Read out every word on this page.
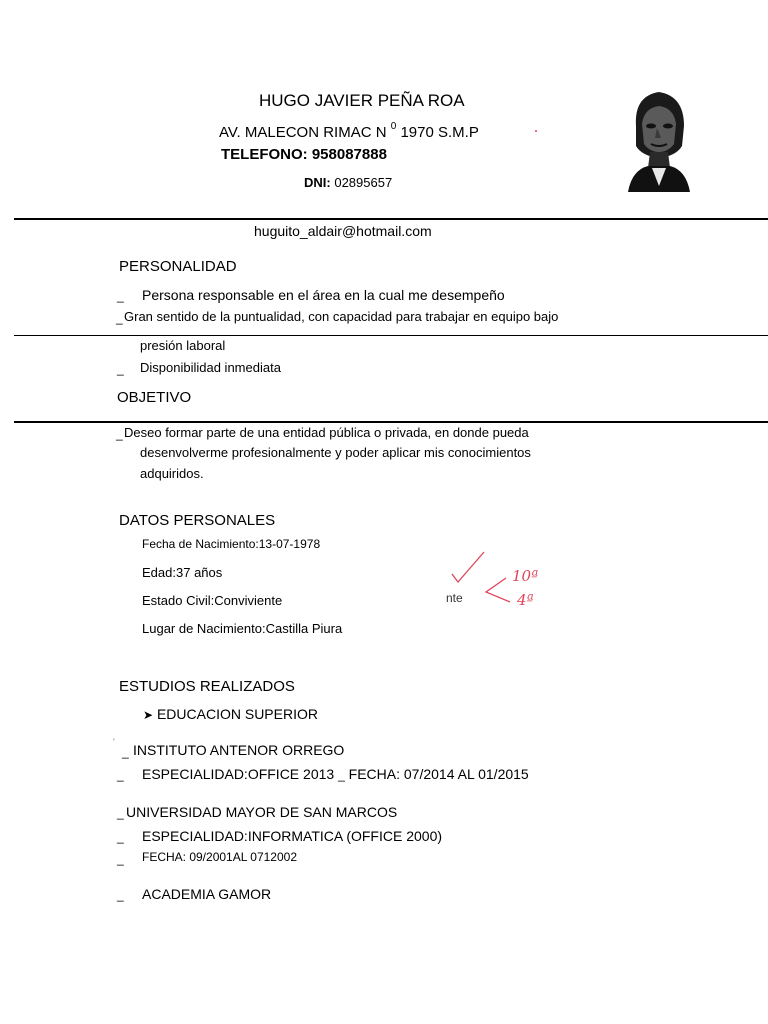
HUGO JAVIER PEÑA ROA
AV. MALECON RIMAC N $^0$ 1970 S.M.P
TELEFONO: 958087888
DNI: 02895657
huguito_aldair@hotmail.com
PERSONALIDAD
_ Persona responsable en el área en la cual me desempeño
_ Gran sentido de la puntualidad, con capacidad para trabajar en equipo bajo
presión laboral
_ Disponibilidad inmediata
OBJETIVO
_ Deseo formar parte de una entidad pública o privada, en donde pueda
desenvolverme profesionalmente y poder aplicar mis conocimientos
adquiridos.
DATOS PERSONALES
Fecha de Nacimiento:13-07-1978
Edad:37 años
Estado Civil:Conviviente
Lugar de Nacimiento:Castilla Piura
nte
10ª
4ª
ESTUDIOS REALIZADOS
➤ EDUCACION SUPERIOR
'
_ INSTITUTO ANTENOR ORREGO
_ ESPECIALIDAD:OFFICE 2013 _ FECHA: 07/2014 AL 01/2015
_ UNIVERSIDAD MAYOR DE SAN MARCOS
_ ESPECIALIDAD:INFORMATICA (OFFICE 2000)
_ FECHA: 09/2001AL 0712002
_ ACADEMIA GAMOR
